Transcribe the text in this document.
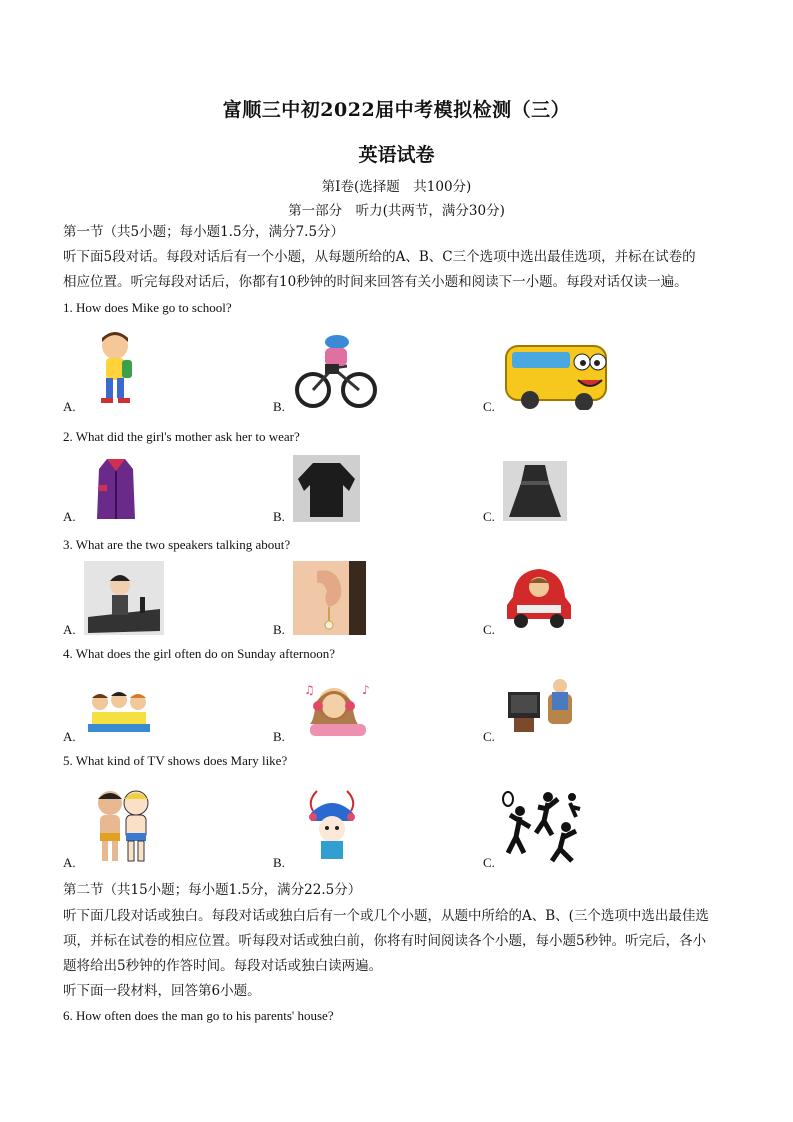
富顺三中初2022届中考模拟检测（三）
英语试卷
第Ⅰ卷(选择题　共100分)
第一部分　听力(共两节，满分30分)
第一节（共5小题；每小题1.5分，满分7.5分）
听下面5段对话。每段对话后有一个小题，从每题所给的A、B、C三个选项中选出最佳选项，并标在试卷的
相应位置。听完每段对话后，你都有10秒钟的时间来回答有关小题和阅读下一小题。每段对话仅读一遍。
1. How does Mike go to school?
A.	B.	C.
2. What did the girl's mother ask her to wear?
A.	B.	C.
3. What are the two speakers talking about?
A.	B.	C.
4. What does the girl often do on Sunday afternoon?
A.	B.	C.
♪
♫
5. What kind of TV shows does Mary like?
A.	B.	C.
第二节（共15小题；每小题1.5分，满分22.5分）
听下面几段对话或独白。每段对话或独白后有一个或几个小题，从题中所给的A、B、(三个选项中选出最佳选
项，并标在试卷的相应位置。听每段对话或独白前，你将有时间阅读各个小题，每小题5秒钟。听完后，各小
题将给出5秒钟的作答时间。每段对话或独白读两遍。
听下面一段材料，回答第6小题。
6. How often does the man go to his parents' house?
